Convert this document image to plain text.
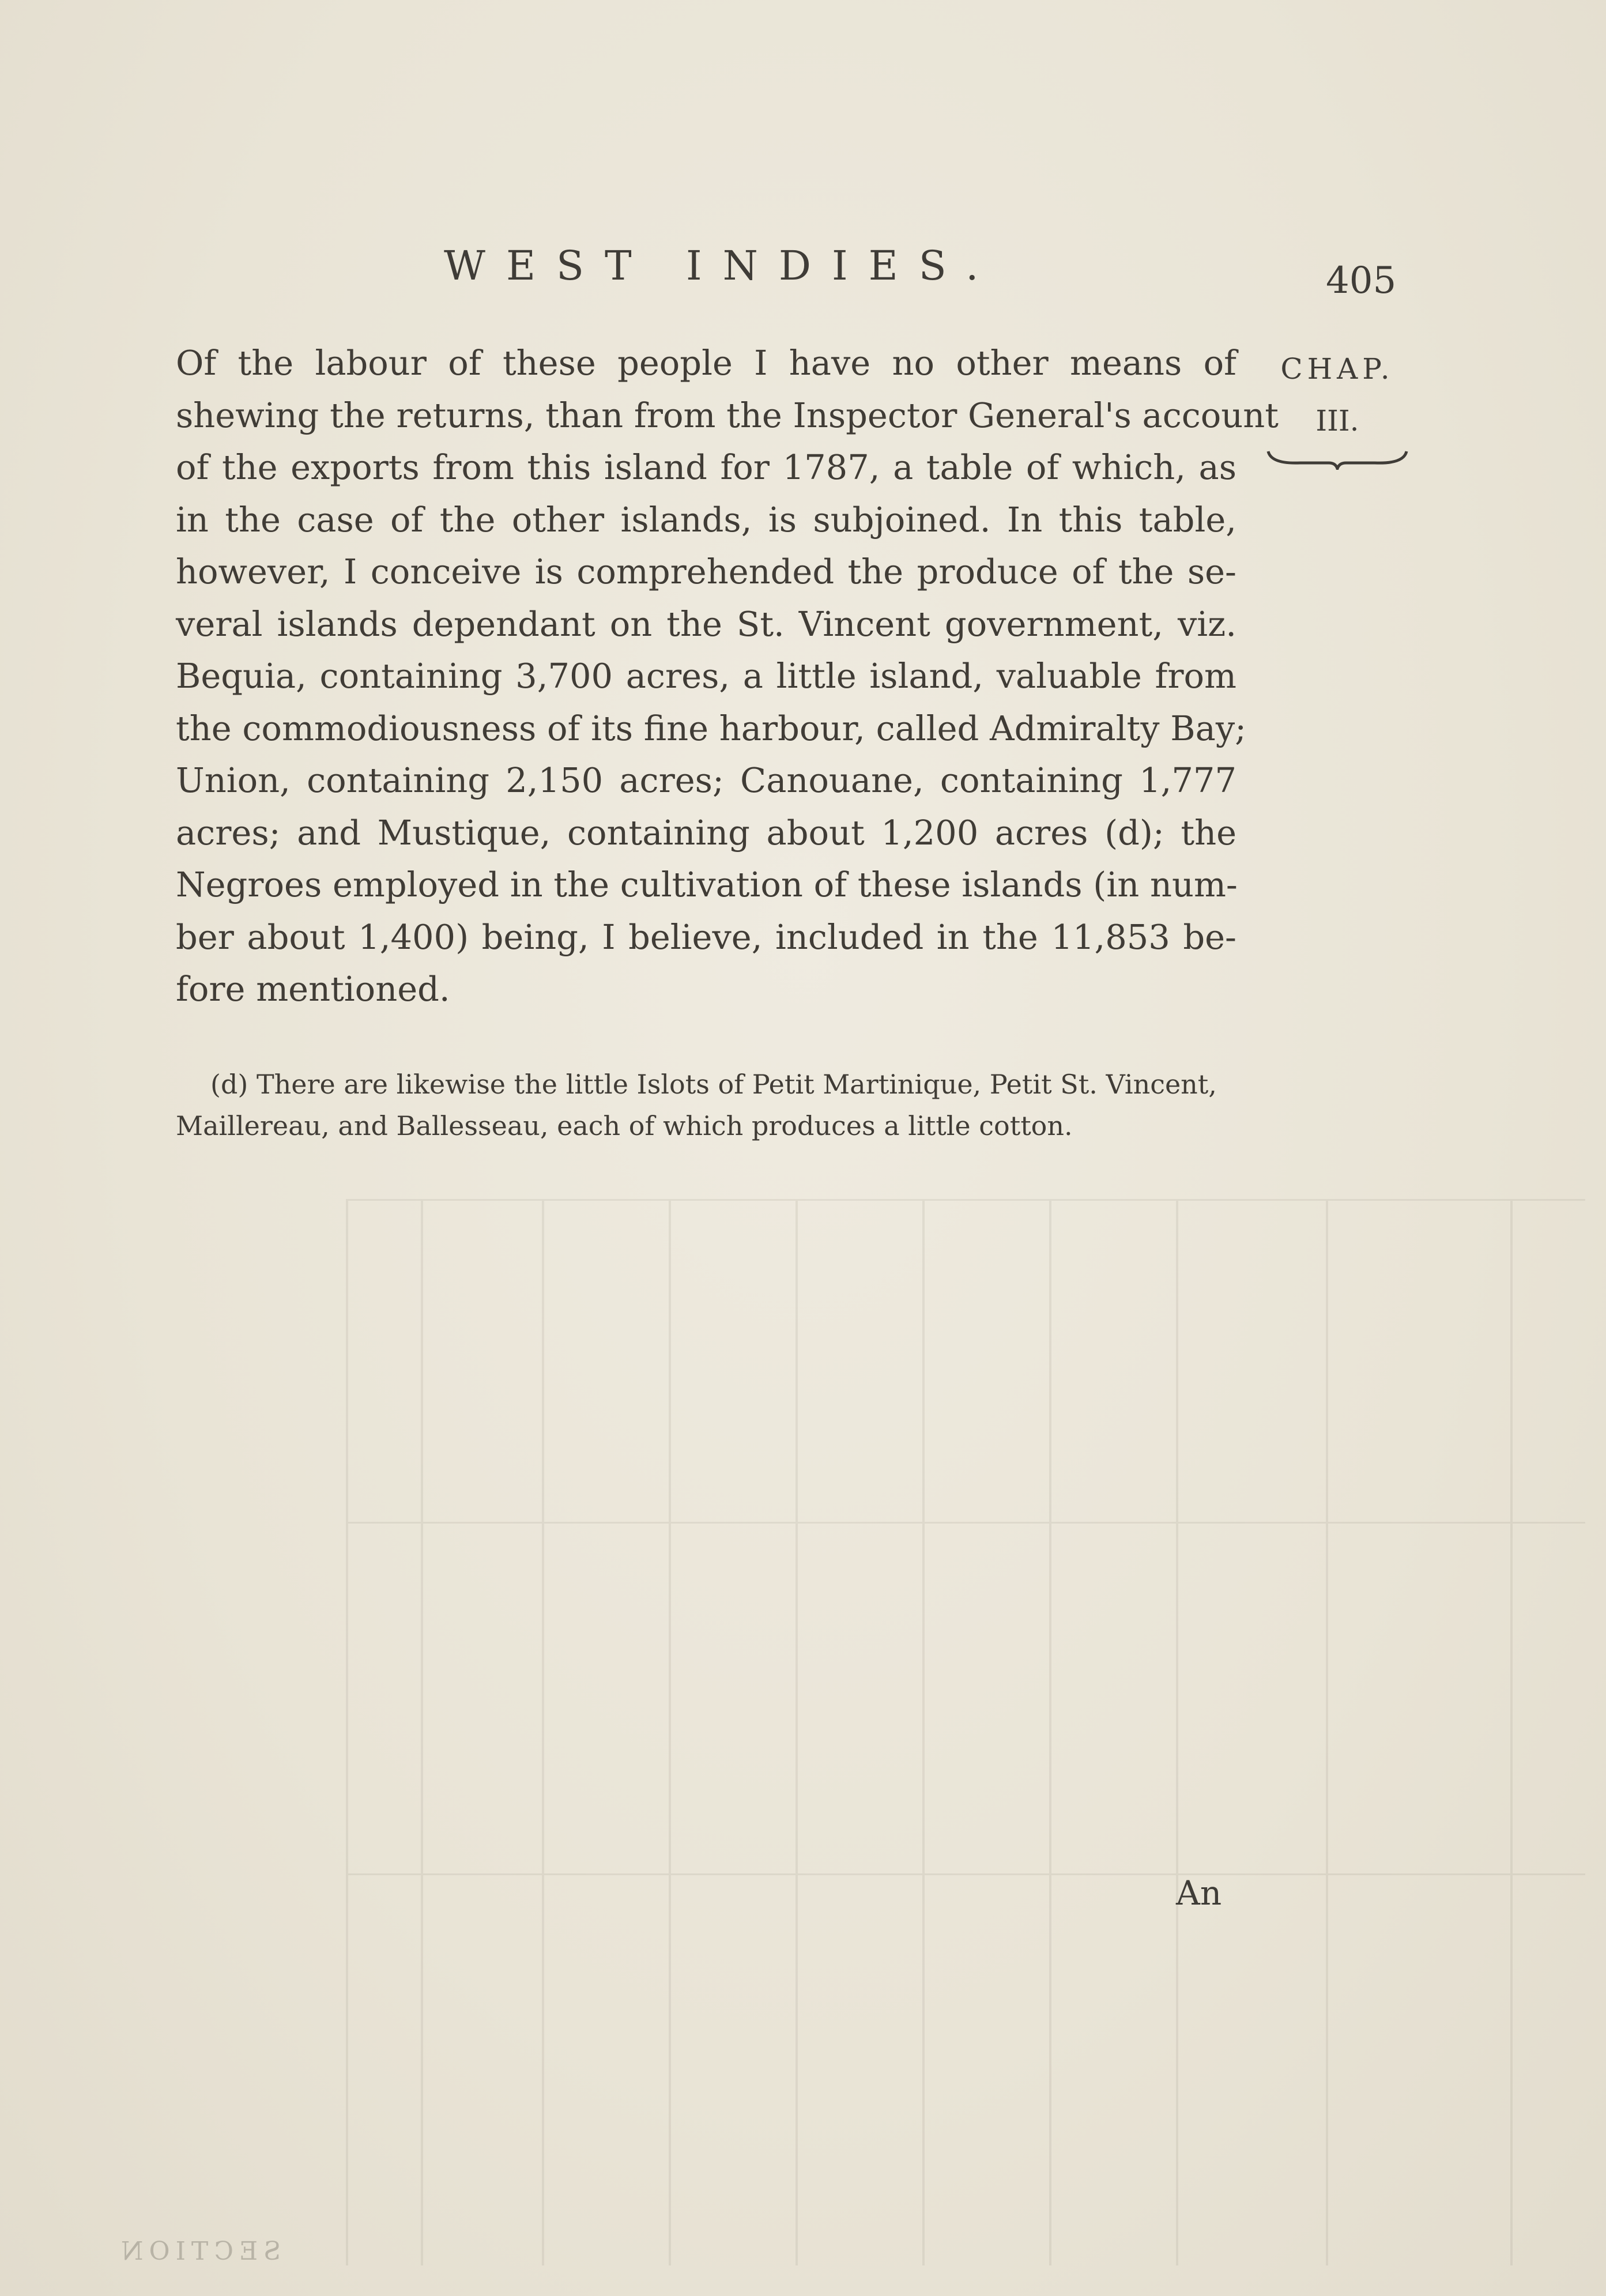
WEST INDIES.	405
CHAP.
III.
Of the labour of these people I have no other means of
shewing the returns, than from the Inspector General's account
of the exports from this island for 1787, a table of which, as
in the case of the other islands, is subjoined. In this table,
however, I conceive is comprehended the produce of the se-
veral islands dependant on the St. Vincent government, viz.
Bequia, containing 3,700 acres, a little island, valuable from
the commodiousness of its fine harbour, called Admiralty Bay;
Union, containing 2,150 acres; Canouane, containing 1,777
acres; and Mustique, containing about 1,200 acres (d); the
Negroes employed in the cultivation of these islands (in num-
ber about 1,400) being, I believe, included in the 11,853 be-
fore mentioned.
(d) There are likewise the little Islots of Petit Martinique, Petit St. Vincent,
Maillereau, and Ballesseau, each of which produces a little cotton.
An
SECTION
